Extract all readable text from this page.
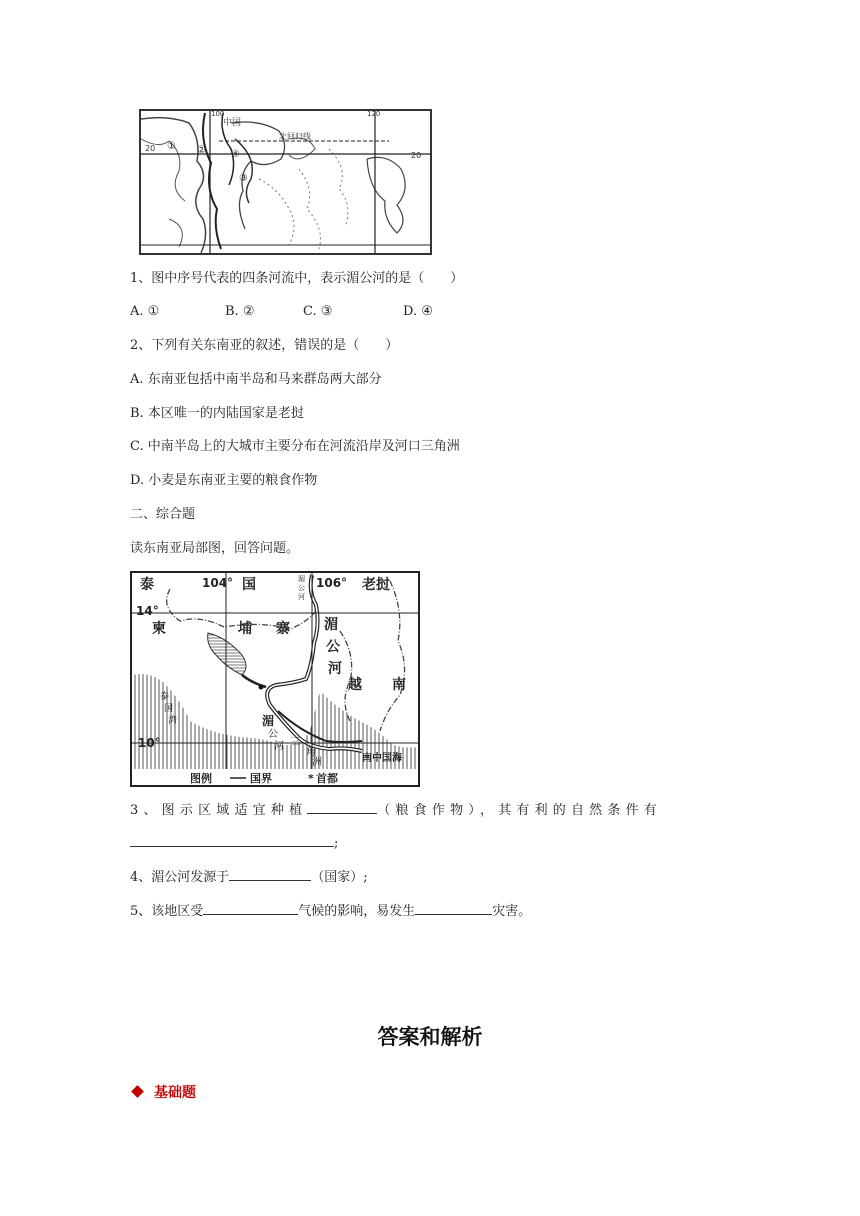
100	120
中国
北回归线
20
20
① ②	④
③
1、图中序号代表的四条河流中，表示湄公河的是（　　）
A. ①	B. ②	C. ③	D. ④
2、下列有关东南亚的叙述，错误的是（　　）
A. 东南亚包括中南半岛和马来群岛两大部分
B. 本区唯一的内陆国家是老挝
C. 中南半岛上的大城市主要分布在河流沿岸及河口三角洲
D. 小麦是东南亚主要的粮食作物
二、综合题
读东南亚局部图，回答问题。
泰	104° 国	106° 老挝
湄
公
河
14°
柬	埔 寨 湄
公
河
越 南
泰
国
湾	湄
公
河 三
角
洲
10°
南中国海
图例	国界	* 首都
3、图示区域适宜种植	（粮食作物），其有利的自然条件有
;
4、湄公河发源于	（国家）;
5、该地区受	气候的影响，易发生	灾害。
答案和解析
基础题
